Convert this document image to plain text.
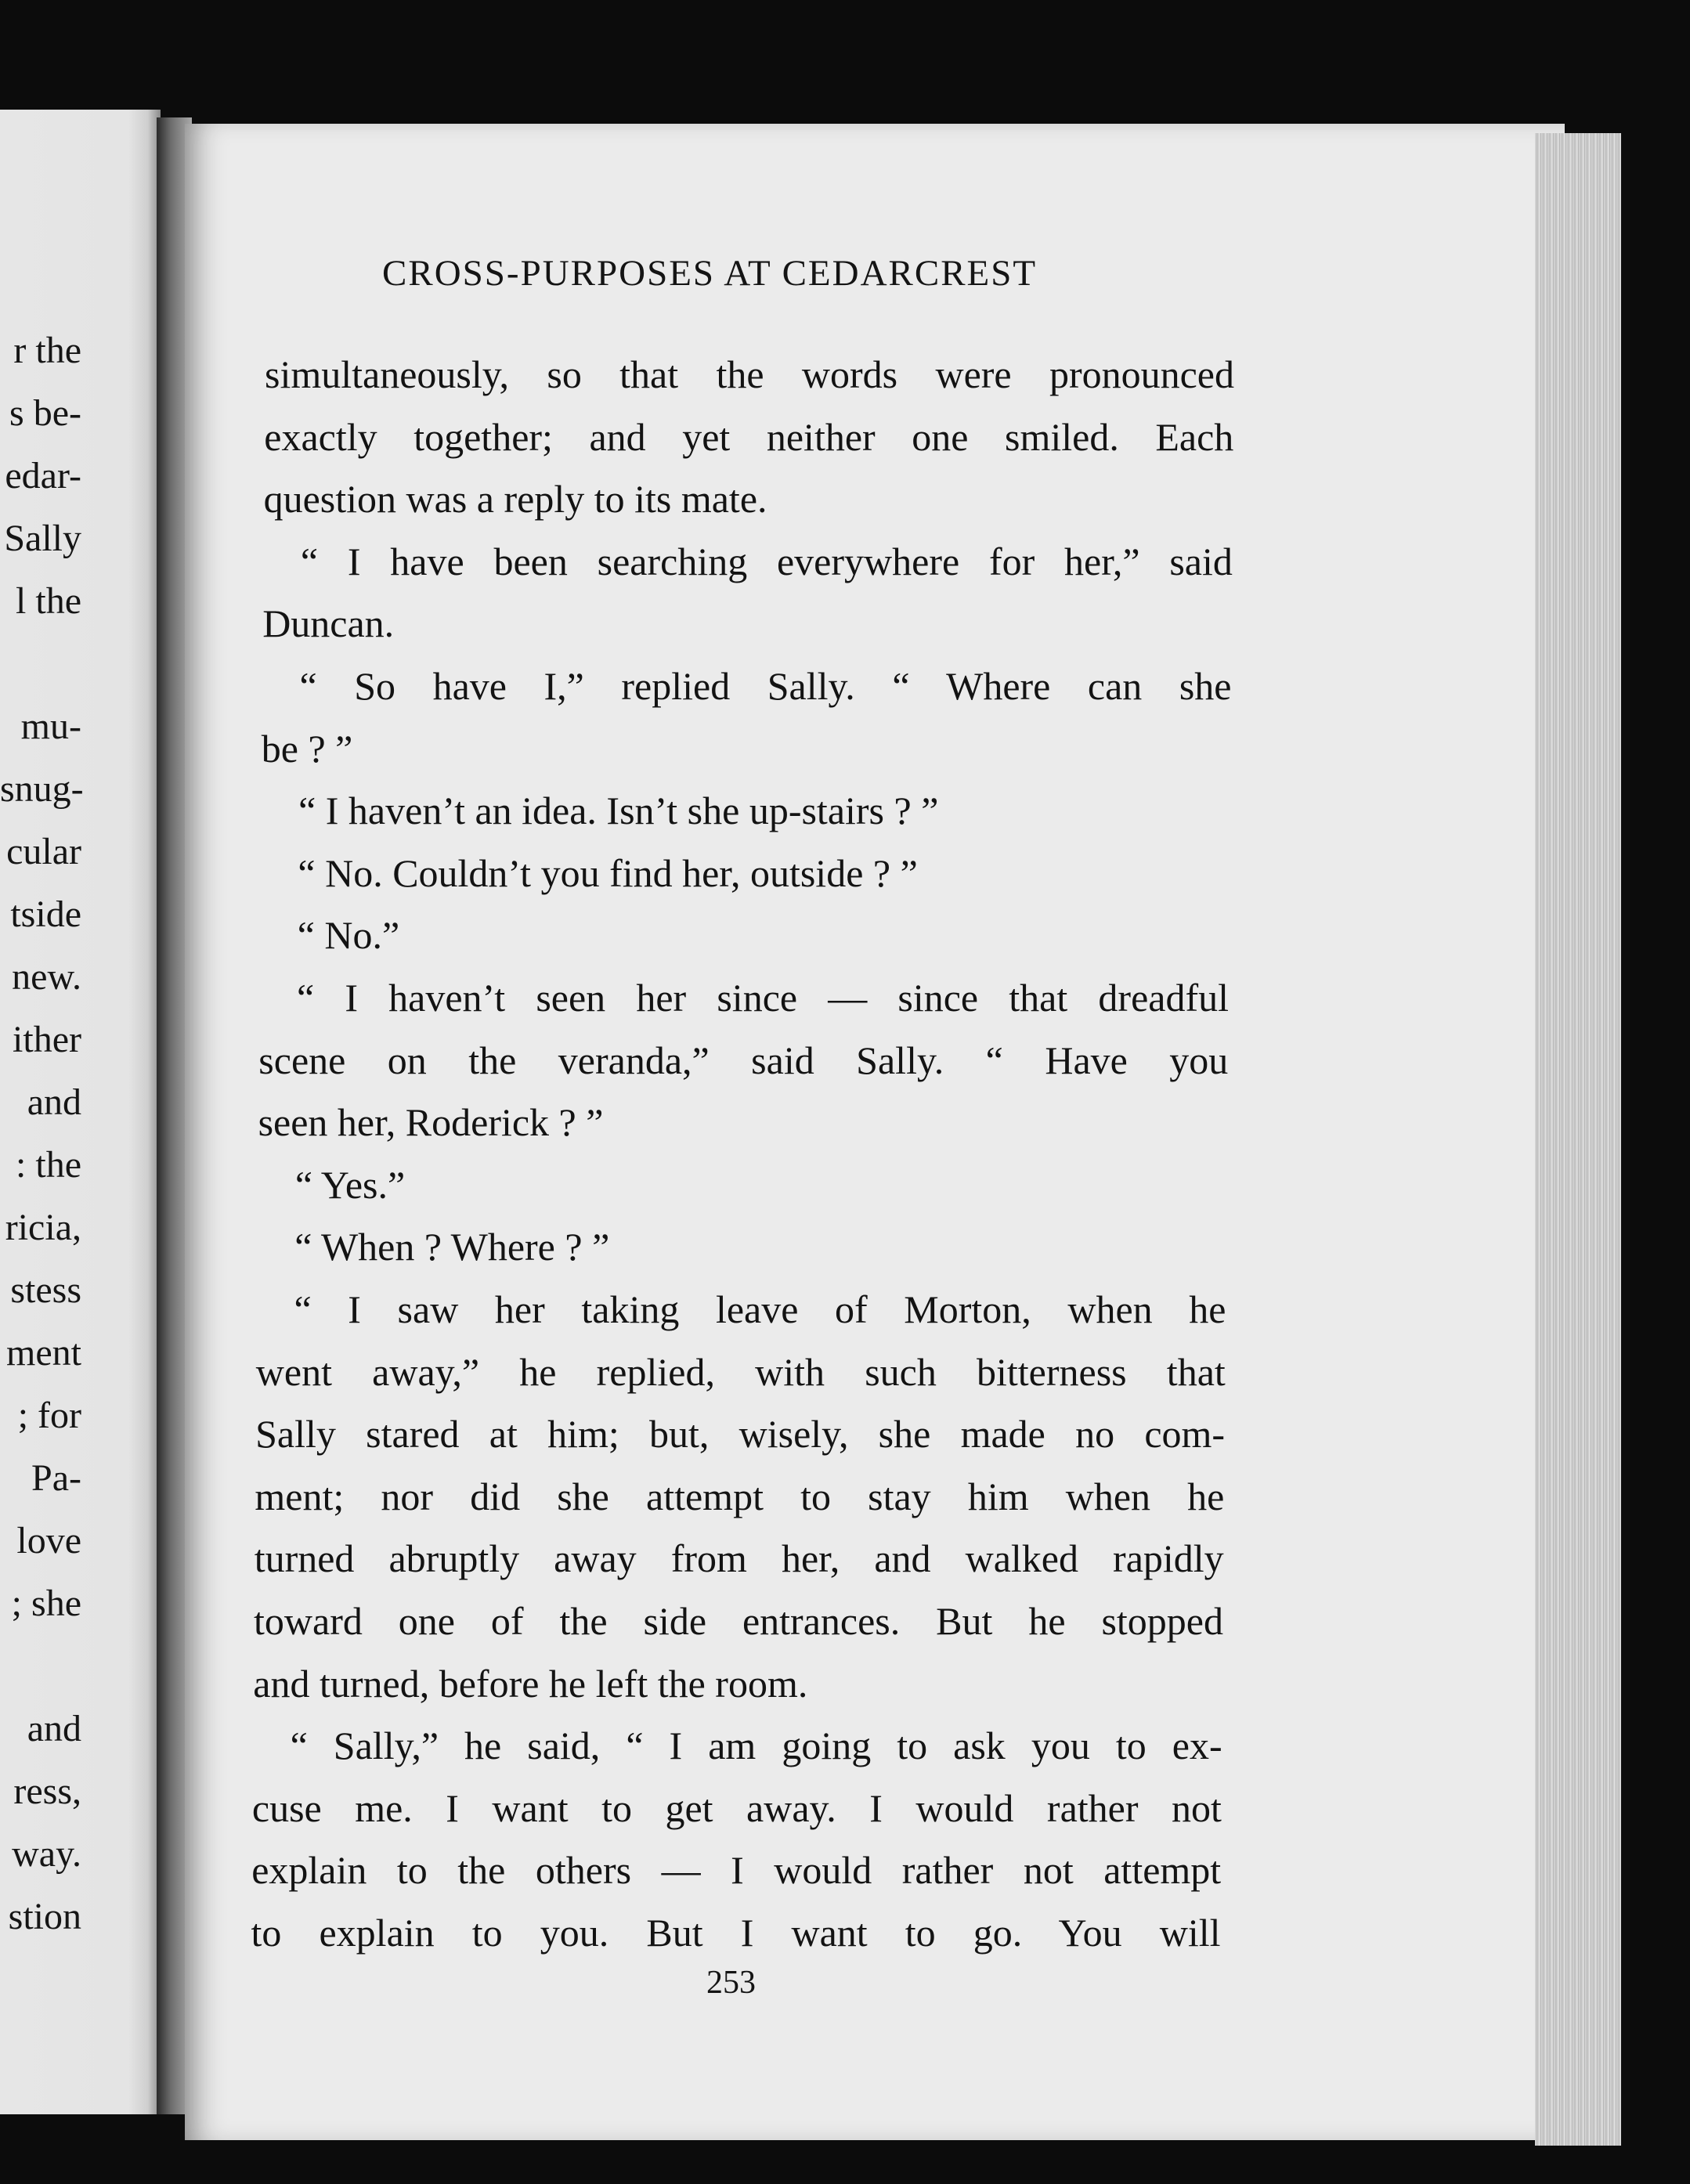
r the
s be-
edar-
Sally
l the
mu-
snug-
cular
tside
new.
ither
and
: the
ricia,
stess
ment
; for
Pa-
love
; she
and
ress,
way.
stion
CROSS-PURPOSES AT CEDARCREST
simultaneously, so that the words were pronounced
exactly together; and yet neither one smiled. Each
question was a reply to its mate.
“ I have been searching everywhere for her,” said
Duncan.
“ So have I,” replied Sally. “ Where can she
be ? ”
“ I haven’t an idea. Isn’t she up-stairs ? ”
“ No. Couldn’t you find her, outside ? ”
“ No.”
“ I haven’t seen her since — since that dreadful
scene on the veranda,” said Sally. “ Have you
seen her, Roderick ? ”
“ Yes.”
“ When ? Where ? ”
“ I saw her taking leave of Morton, when he
went away,” he replied, with such bitterness that
Sally stared at him; but, wisely, she made no com-
ment; nor did she attempt to stay him when he
turned abruptly away from her, and walked rapidly
toward one of the side entrances. But he stopped
and turned, before he left the room.
“ Sally,” he said, “ I am going to ask you to ex-
cuse me. I want to get away. I would rather not
explain to the others — I would rather not attempt
to explain to you. But I want to go. You will
253
